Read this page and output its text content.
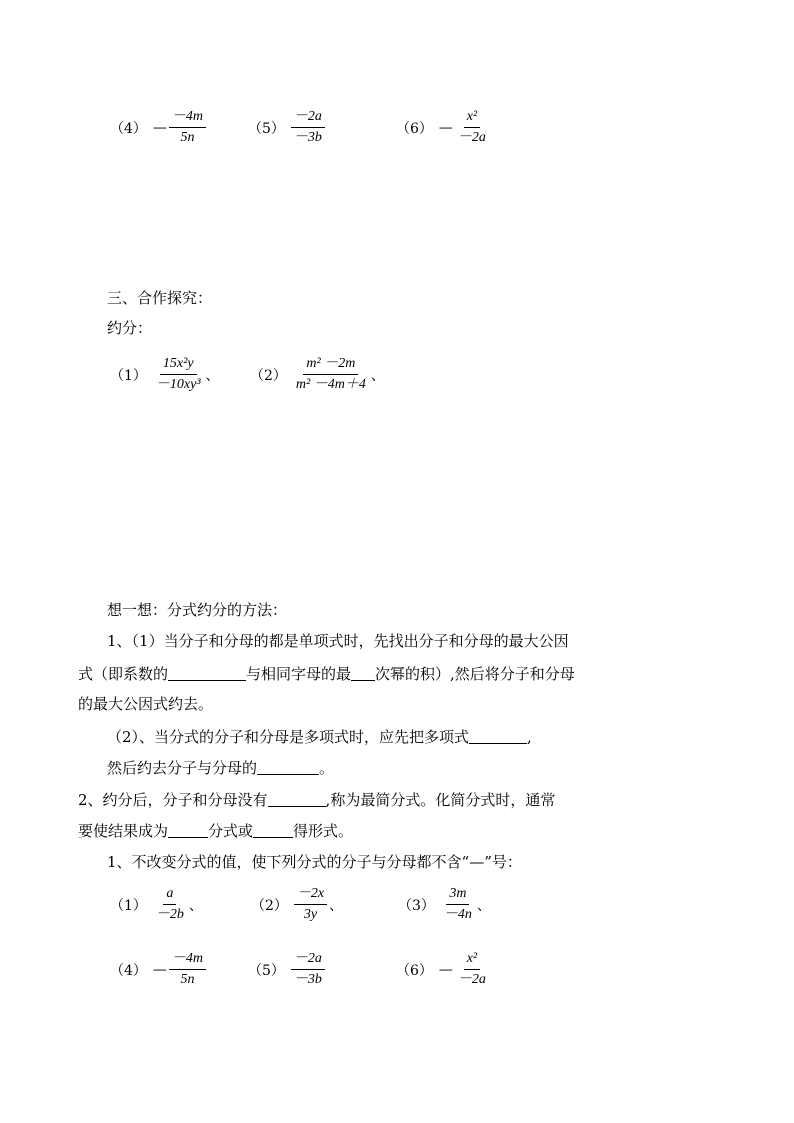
（4） — $\frac{-4m}{5n}$	$(5) \frac{-2a}{-3b}$	（6） — $\frac{\text{x²}}{-2a}$
三、合作探究：
约分：
$(1) \frac{\text{15x²y}}{\text{－10xy³}}$ 、 $(2) \frac{\text{m² －2m}}{\text{m² －4m＋4}}$ 、
想一想：分式约分的方法：
1、（1）当分子和分母的都是单项式时，先找出分子和分母的最大公因
式（即系数的	与相同字母的最 次幂的积）,然后将分子和分母
的最大公因式约去。
（2）、当分式的分子和分母是多项式时，应先把多项式	,
然后约去分子与分母的	。
2、约分后，分子和分母没有	,称为最简分式。化简分式时，通常
要使结果成为	分式或	得形式。
1、不改变分式的值，使下列分式的分子与分母都不含“—”号：
$(1) \frac{a}{-2b}$ 、	$(2) \frac{-2x}{3y}$ 、	$(3) \frac{3m}{-4n}$ 、
（4） — $\frac{-4m}{5n}$	$(5) \frac{-2a}{-3b}$	（6） — $\frac{\text{x²}}{-2a}$
